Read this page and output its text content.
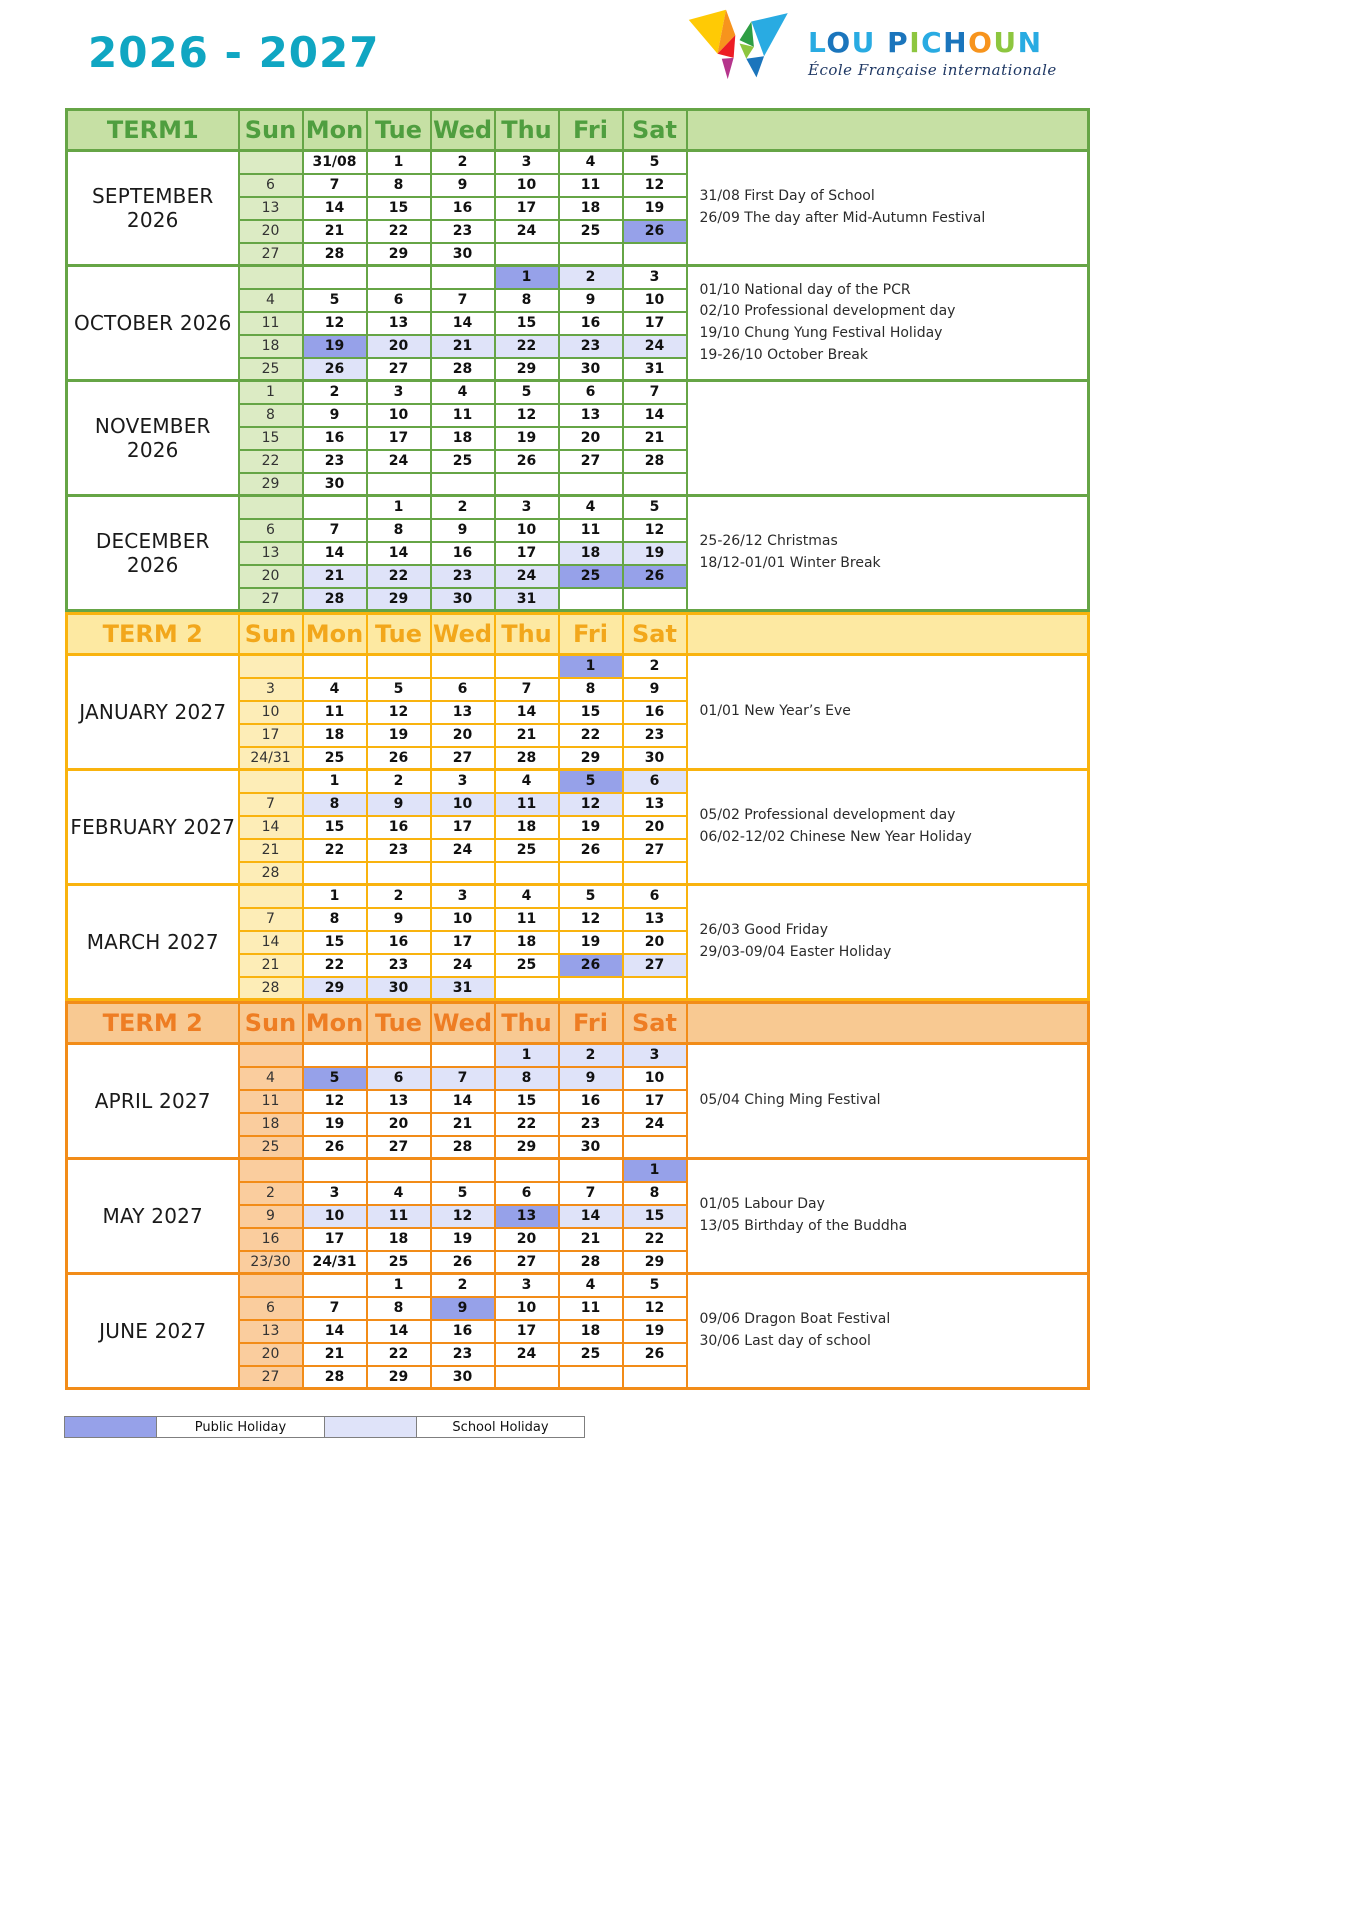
2026 - 2027	LOU PICHOUN
École Française internationale
TERM1	Sun	Mon	Tue	Wed	Thu	Fri	Sat	
SEPTEMBER 2026		31/08	1	2	3	4	5	31/08 First Day of School
26/09 The day after Mid-Autumn Festival

	6	7	8	9	10	11	12	
	13	14	15	16	17	18	19	
	20	21	22	23	24	25	26	
	27	28	29	30				
OCTOBER 2026					1	2	3	01/10 National day of the PCR
02/10 Professional development day
19/10 Chung Yung Festival Holiday
19-26/10 October Break

	4	5	6	7	8	9	10	
	11	12	13	14	15	16	17	
	18	19	20	21	22	23	24	
	25	26	27	28	29	30	31	
NOVEMBER 2026	1	2	3	4	5	6	7	
	8	9	10	11	12	13	14	
	15	16	17	18	19	20	21	
	22	23	24	25	26	27	28	
	29	30						
DECEMBER 2026			1	2	3	4	5	25-26/12 Christmas
18/12-01/01 Winter Break

	6	7	8	9	10	11	12	
	13	14	14	16	17	18	19	
	20	21	22	23	24	25	26	
	27	28	29	30	31			
TERM 2	Sun	Mon	Tue	Wed	Thu	Fri	Sat	
JANUARY 2027						1	2	01/01 New Year’s Eve

	3	4	5	6	7	8	9	
	10	11	12	13	14	15	16	
	17	18	19	20	21	22	23	
	24/31	25	26	27	28	29	30	
FEBRUARY 2027		1	2	3	4	5	6	05/02 Professional development day
06/02-12/02 Chinese New Year Holiday

	7	8	9	10	11	12	13	
	14	15	16	17	18	19	20	
	21	22	23	24	25	26	27	
	28							
MARCH 2027		1	2	3	4	5	6	26/03 Good Friday
29/03-09/04 Easter Holiday

	7	8	9	10	11	12	13	
	14	15	16	17	18	19	20	
	21	22	23	24	25	26	27	
	28	29	30	31				
TERM 2	Sun	Mon	Tue	Wed	Thu	Fri	Sat	
APRIL 2027					1	2	3	05/04 Ching Ming Festival

	4	5	6	7	8	9	10	
	11	12	13	14	15	16	17	
	18	19	20	21	22	23	24	
	25	26	27	28	29	30		
MAY 2027							1	01/05 Labour Day
13/05 Birthday of the Buddha

	2	3	4	5	6	7	8	
	9	10	11	12	13	14	15	
	16	17	18	19	20	21	22	
	23/30	24/31	25	26	27	28	29	
JUNE 2027			1	2	3	4	5	09/06 Dragon Boat Festival
30/06 Last day of school

	6	7	8	9	10	11	12	
	13	14	14	16	17	18	19	
	20	21	22	23	24	25	26	
	27	28	29	30				
Public Holiday	School Holiday
